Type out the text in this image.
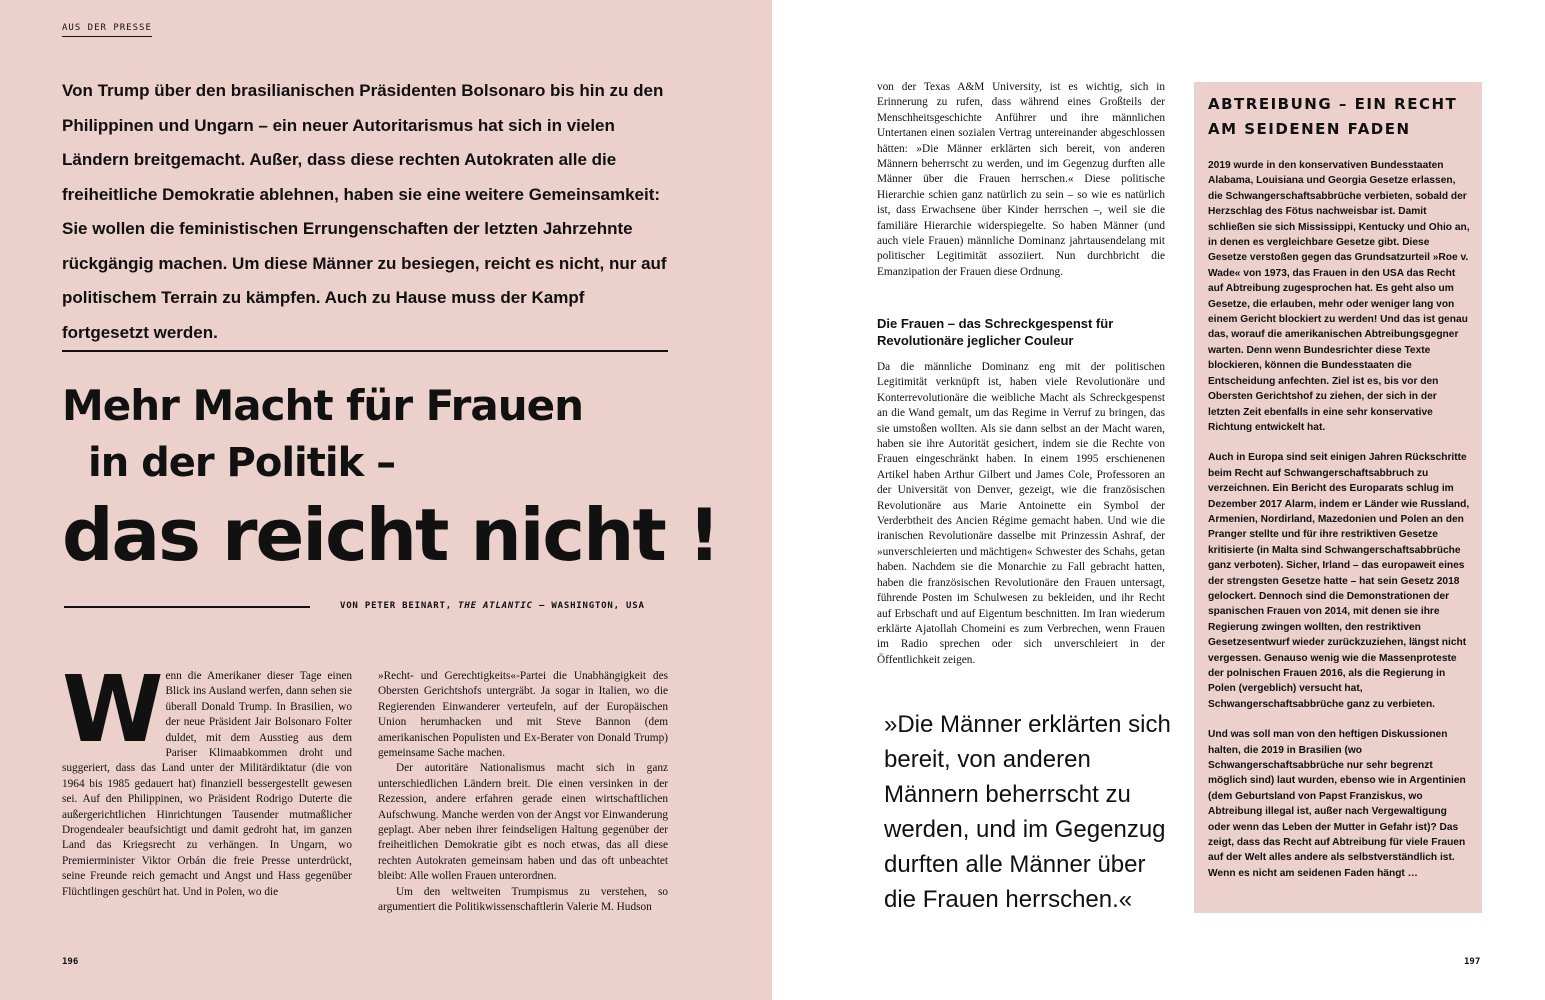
AUS DER PRESSE

Von Trump über den brasilianischen Präsidenten Bolsonaro bis hin zu den Philippinen und Ungarn – ein neuer Autoritarismus hat sich in vielen Ländern breitgemacht. Außer, dass diese rechten Autokraten alle die freiheitliche Demokratie ablehnen, haben sie eine weitere Gemeinsamkeit: Sie wollen die feministischen Errungenschaften der letzten Jahrzehnte rückgängig machen. Um diese Männer zu besiegen, reicht es nicht, nur auf politischem Terrain zu kämpfen. Auch zu Hause muss der Kampf fortgesetzt werden.

Mehr Macht für Frauen
in der Politik –
das reicht nicht !
VON PETER BEINART, THE ATLANTIC – WASHINGTON, USA
W enn die Amerikaner dieser Tage einen Blick ins Ausland werfen, dann sehen sie überall Donald Trump. In Brasilien, wo der neue Präsident Jair Bolsonaro Folter duldet, mit dem Ausstieg aus dem Pariser Klimaabkommen droht und suggeriert, dass das Land unter der Militärdiktatur (die von 1964 bis 1985 gedauert hat) finanziell bessergestellt gewesen sei. Auf den Philippinen, wo Präsident Rodrigo Duterte die außergerichtlichen Hinrichtungen Tausender mutmaßlicher Drogendealer beaufsichtigt und damit gedroht hat, im ganzen Land das Kriegsrecht zu verhängen. In Ungarn, wo Premierminister Viktor Orbán die freie Presse unterdrückt, seine Freunde reich gemacht und Angst und Hass gegenüber Flüchtlingen geschürt hat. Und in Polen, wo die

»Recht- und Gerechtigkeits«-Partei die Unabhängigkeit des Obersten Gerichtshofs untergräbt. Ja sogar in Italien, wo die Regierenden Einwanderer verteufeln, auf der Europäischen Union herumhacken und mit Steve Bannon (dem amerikanischen Populisten und Ex-Berater von Donald Trump) gemeinsame Sache machen.

Der autoritäre Nationalismus macht sich in ganz unterschiedlichen Ländern breit. Die einen versinken in der Rezession, andere erfahren gerade einen wirtschaftlichen Aufschwung. Manche werden von der Angst vor Einwanderung geplagt. Aber neben ihrer feindseligen Haltung gegenüber der freiheitlichen Demokratie gibt es noch etwas, das all diese rechten Autokraten gemeinsam haben und das oft unbeachtet bleibt: Alle wollen Frauen unterordnen.

Um den weltweiten Trumpismus zu verstehen, so argumentiert die Politikwissenschaftlerin Valerie M. Hudson

196
von der Texas A&M University, ist es wichtig, sich in Erinnerung zu rufen, dass während eines Großteils der Menschheitsgeschichte Anführer und ihre männlichen Untertanen einen sozialen Vertrag untereinander abgeschlossen hätten: »Die Männer erklärten sich bereit, von anderen Männern beherrscht zu werden, und im Gegenzug durften alle Männer über die Frauen herrschen.« Diese politische Hierarchie schien ganz natürlich zu sein – so wie es natürlich ist, dass Erwachsene über Kinder herrschen –, weil sie die familiäre Hierarchie widerspiegelte. So haben Männer (und auch viele Frauen) männliche Dominanz jahrtausendelang mit politischer Legitimität assoziiert. Nun durchbricht die Emanzipation der Frauen diese Ordnung.
Die Frauen – das Schreckgespenst für Revolutionäre jeglicher Couleur
Da die männliche Dominanz eng mit der politischen Legitimität verknüpft ist, haben viele Revolutionäre und Konterrevolutionäre die weibliche Macht als Schreckgespenst an die Wand gemalt, um das Regime in Verruf zu bringen, das sie umstoßen wollten. Als sie dann selbst an der Macht waren, haben sie ihre Autorität gesichert, indem sie die Rechte von Frauen eingeschränkt haben. In einem 1995 erschienenen Artikel haben Arthur Gilbert und James Cole, Professoren an der Universität von Denver, gezeigt, wie die französischen Revolutionäre aus Marie Antoinette ein Symbol der Verderbtheit des Ancien Régime gemacht haben. Und wie die iranischen Revolutionäre dasselbe mit Prinzessin Ashraf, der »unverschleierten und mächtigen« Schwester des Schahs, getan haben. Nachdem sie die Monarchie zu Fall gebracht hatten, haben die französischen Revolutionäre den Frauen untersagt, führende Posten im Schulwesen zu bekleiden, und ihr Recht auf Erbschaft und auf Eigentum beschnitten. Im Iran wiederum erklärte Ajatollah Chomeini es zum Verbrechen, wenn Frauen im Radio sprechen oder sich unverschleiert in der Öffentlichkeit zeigen.

»Die Männer erklärten sich bereit, von anderen Männern beherrscht zu werden, und im Gegenzug durften alle Männer über die Frauen herrschen.«

ABTREIBUNG – EIN RECHT AM SEIDENEN FADEN

2019 wurde in den konservativen Bundesstaaten Alabama, Louisiana und Georgia Gesetze erlassen, die Schwangerschaftsabbrüche verbieten, sobald der Herzschlag des Fötus nachweisbar ist. Damit schließen sie sich Mississippi, Kentucky und Ohio an, in denen es vergleichbare Gesetze gibt. Diese Gesetze verstoßen gegen das Grundsatzurteil »Roe v. Wade« von 1973, das Frauen in den USA das Recht auf Abtreibung zugesprochen hat. Es geht also um Gesetze, die erlauben, mehr oder weniger lang von einem Gericht blockiert zu werden! Und das ist genau das, worauf die amerikanischen Abtreibungsgegner warten. Denn wenn Bundesrichter diese Texte blockieren, können die Bundesstaaten die Entscheidung anfechten. Ziel ist es, bis vor den Obersten Gerichtshof zu ziehen, der sich in der letzten Zeit ebenfalls in eine sehr konservative Richtung entwickelt hat.

Auch in Europa sind seit einigen Jahren Rückschritte beim Recht auf Schwangerschaftsabbruch zu verzeichnen. Ein Bericht des Europarats schlug im Dezember 2017 Alarm, indem er Länder wie Russland, Armenien, Nordirland, Mazedonien und Polen an den Pranger stellte und für ihre restriktiven Gesetze kritisierte (in Malta sind Schwangerschaftsabbrüche ganz verboten). Sicher, Irland – das europaweit eines der strengsten Gesetze hatte – hat sein Gesetz 2018 gelockert. Dennoch sind die Demonstrationen der spanischen Frauen von 2014, mit denen sie ihre Regierung zwingen wollten, den restriktiven Gesetzesentwurf wieder zurückzuziehen, längst nicht vergessen. Genauso wenig wie die Massenproteste der polnischen Frauen 2016, als die Regierung in Polen (vergeblich) versucht hat, Schwangerschaftsabbrüche ganz zu verbieten.

Und was soll man von den heftigen Diskussionen halten, die 2019 in Brasilien (wo Schwangerschaftsabbrüche nur sehr begrenzt möglich sind) laut wurden, ebenso wie in Argentinien (dem Geburtsland von Papst Franziskus, wo Abtreibung illegal ist, außer nach Vergewaltigung oder wenn das Leben der Mutter in Gefahr ist)? Das zeigt, dass das Recht auf Abtreibung für viele Frauen auf der Welt alles andere als selbstverständlich ist. Wenn es nicht am seidenen Faden hängt …

197
